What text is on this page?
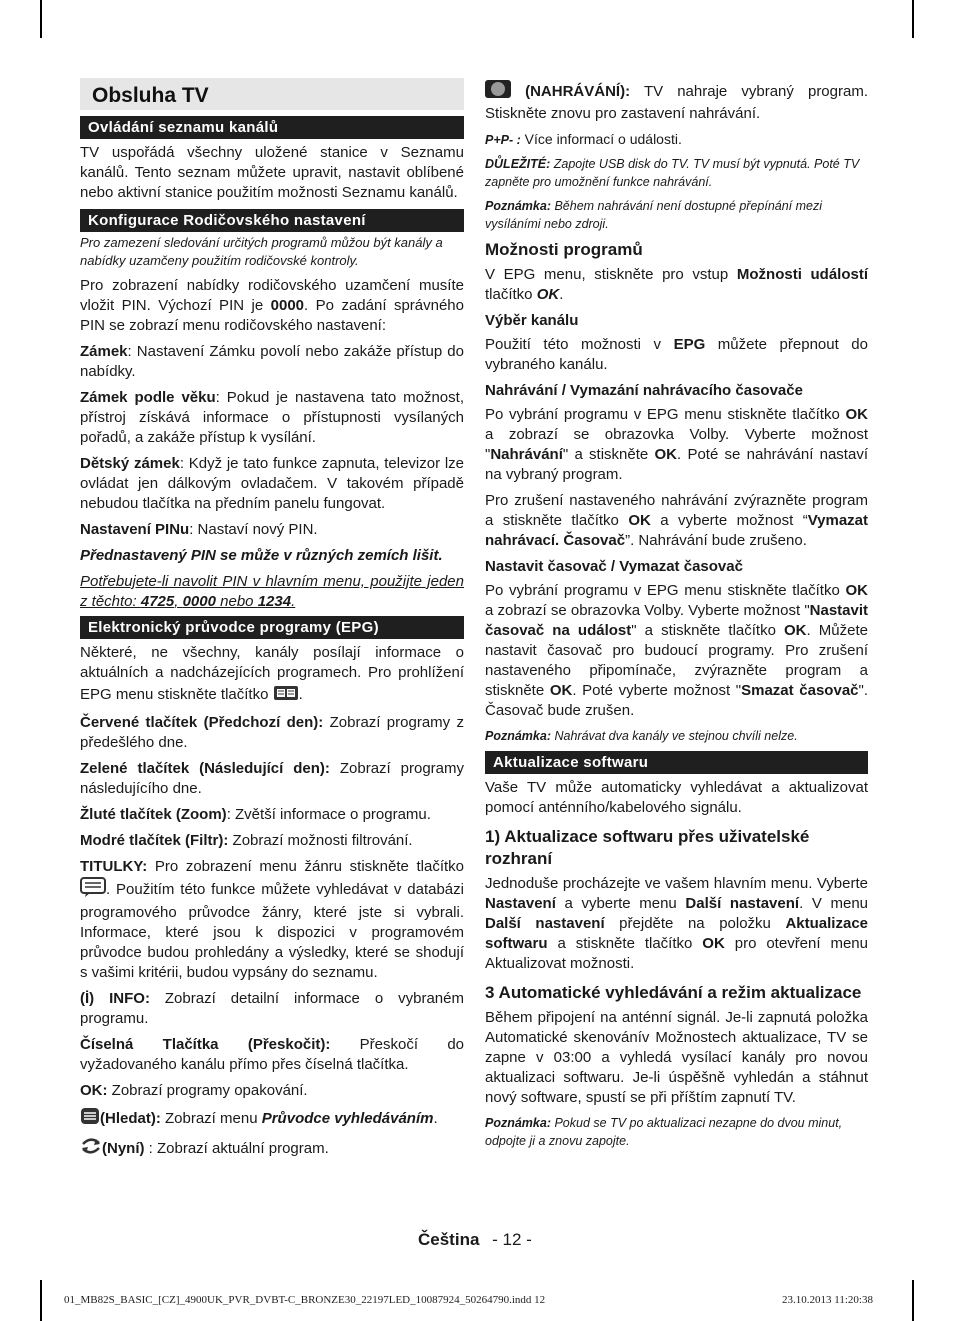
Obsluha TV
Ovládání seznamu kanálů

TV uspořádá všechny uložené stanice v Seznamu kanálů. Tento seznam můžete upravit, nastavit oblíbené nebo aktivní stanice použitím možnosti Seznamu kanálů.

Konfigurace Rodičovského nastavení

Pro zamezení sledování určitých programů můžou být kanály a nabídky uzamčeny použitím rodičovské kontroly.

Pro zobrazení nabídky rodičovského uzamčení musíte vložit PIN. Výchozí PIN je 0000. Po zadání správného PIN se zobrazí menu rodičovského nastavení:

Zámek: Nastavení Zámku povolí nebo zakáže přístup do nabídky.

Zámek podle věku: Pokud je nastavena tato možnost, přístroj získává informace o přístupnosti vysílaných pořadů, a zakáže přístup k vysílání.

Dětský zámek: Když je tato funkce zapnuta, televizor lze ovládat jen dálkovým ovladačem. V takovém případě nebudou tlačítka na předním panelu fungovat.

Nastavení PINu: Nastaví nový PIN.

Přednastavený PIN se může v různých zemích lišit.

Potřebujete-li navolit PIN v hlavním menu, použijte jeden z těchto: 4725, 0000 nebo 1234.

Elektronický průvodce programy (EPG)

Některé, ne všechny, kanály posílají informace o aktuálních a nadcházejících programech. Pro prohlížení EPG menu stiskněte tlačítko .

Červené tlačítek (Předchozí den): Zobrazí programy z předešlého dne.

Zelené tlačítek (Následující den): Zobrazí programy následujícího dne.

Žluté tlačítek (Zoom): Zvětší informace o programu.

Modré tlačítek (Filtr): Zobrazí možnosti filtrování.

TITULKY: Pro zobrazení menu žánru stiskněte tlačítko . Použitím této funkce můžete vyhledávat v databázi programového průvodce žánry, které jste si vybrali. Informace, které jsou k dispozici v programovém průvodce budou prohledány a výsledky, které se shodují s vašimi kritérii, budou vypsány do seznamu.

(İ) INFO: Zobrazí detailní informace o vybraném programu.

Číselná Tlačítka (Přeskočit): Přeskočí do vyžadovaného kanálu přímo přes číselná tlačítka.

OK: Zobrazí programy opakování.

(Hledat): Zobrazí menu Průvodce vyhledáváním.

(Nyní) : Zobrazí aktuální program.

(NAHRÁVÁNÍ): TV nahraje vybraný program. Stiskněte znovu pro zastavení nahrávání.

P+P- : Více informací o události.

DŮLEŽITÉ: Zapojte USB disk do TV. TV musí být vypnutá. Poté TV zapněte pro umožnění funkce nahrávání.

Poznámka: Během nahrávání není dostupné přepínání mezi vysíláními nebo zdroji.

Možnosti programů

V EPG menu, stiskněte pro vstup Možnosti událostí tlačítko OK.

Výběr kanálu

Použití této možnosti v EPG můžete přepnout do vybraného kanálu.

Nahrávání / Vymazání nahrávacího časovače

Po vybrání programu v EPG menu stiskněte tlačítko OK a zobrazí se obrazovka Volby. Vyberte možnost "Nahrávání" a stiskněte OK. Poté se nahrávání nastaví na vybraný program.

Pro zrušení nastaveného nahrávání zvýrazněte program a stiskněte tlačítko OK a vyberte možnost “Vymazat nahrávací. Časovač”. Nahrávání bude zrušeno.

Nastavit časovač / Vymazat časovač

Po vybrání programu v EPG menu stiskněte tlačítko OK a zobrazí se obrazovka Volby. Vyberte možnost "Nastavit časovač na událost" a stiskněte tlačítko OK. Můžete nastavit časovač pro budoucí programy. Pro zrušení nastaveného připomínače, zvýrazněte program a stiskněte OK. Poté vyberte možnost "Smazat časovač". Časovač bude zrušen.

Poznámka: Nahrávat dva kanály ve stejnou chvíli nelze.

Aktualizace softwaru

Vaše TV může automaticky vyhledávat a aktualizovat pomocí anténního/kabelového signálu.

1) Aktualizace softwaru přes uživatelské rozhraní

Jednoduše procházejte ve vašem hlavním menu. Vyberte Nastavení a vyberte menu Další nastavení. V menu Další nastavení přejděte na položku Aktualizace softwaru a stiskněte tlačítko OK pro otevření menu Aktualizovat možnosti.

3 Automatické vyhledávání a režim aktualizace

Během připojení na anténní signál. Je-li zapnutá položka Automatické skenovánív Možnostech aktualizace, TV se zapne v 03:00 a vyhledá vysílací kanály pro novou aktualizaci softwaru. Je-li úspěšně vyhledán a stáhnut nový software, spustí se při příštím zapnutí TV.

Poznámka: Pokud se TV po aktualizaci nezapne do dvou minut, odpojte ji a znovu zapojte.

Čeština - 12 -
01_MB82S_BASIC_[CZ]_4900UK_PVR_DVBT-C_BRONZE30_22197LED_10087924_50264790.indd 12	23.10.2013 11:20:38
